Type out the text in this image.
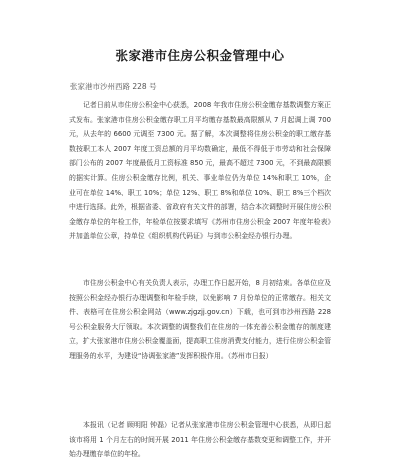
张家港市住房公积金管理中心
张家港市沙州西路 228 号
记者日前从市住房公积金中心获悉，2008 年我市住房公积金缴存基数调整方案正式发布。张家港市住房公积金缴存职工月平均缴存基数最高限额从 7 月起调上调 700 元，从去年的 6600 元调至 7300 元。据了解，本次调整将住房公积金的职工缴存基数按职工本人 2007 年度工资总额的月平均数确定，最低不得低于市劳动和社会保障部门公布的 2007 年度最低月工资标准 850 元，最高不超过 7300 元，不到最高限额的据实计算。住房公积金缴存比例，机关、事业单位仍为单位 14%和职工 10%，企业可在单位 14%、职工 10%；单位 12%、职工 8%和单位 10%、职工 8%三个档次中进行选择。此外，根据省委、省政府有关文件的部署，结合本次调整时开展住房公积金缴存单位的年检工作，年检单位按要求填写《苏州市住房公积金 2007 年度年检表》并加盖单位公章，持单位《组织机构代码证》与到市公积金经办银行办理。
市住房公积金中心有关负责人表示，办理工作日起开始，8 月初结束。各单位应及按照公积金经办银行办理调整和年检手续，以免影响 7 月份单位的正常缴存。相关文件、表格可在住房公积金网站（www.zjgzjj.gov.cn）下载，也可到市沙州西路 228 号公积金服务大厅领取。本次调整的调整我们在住房的一体充善公积金缴存的制度建立，扩大张家港市住房公积金覆盖面，提高职工住房消费支付能力，进行住房公积金管理服务的水平，为建设“协调张家港”发挥积极作用。（苏州市日报）
本报讯（记者 顾明阳 钟磊）记者从张家港市住房公积金管理中心获悉，从即日起该市将用 1 个月左右的时间开展 2011 年住房公积金缴存基数变更和调整工作，并开始办理缴存单位的年检。
